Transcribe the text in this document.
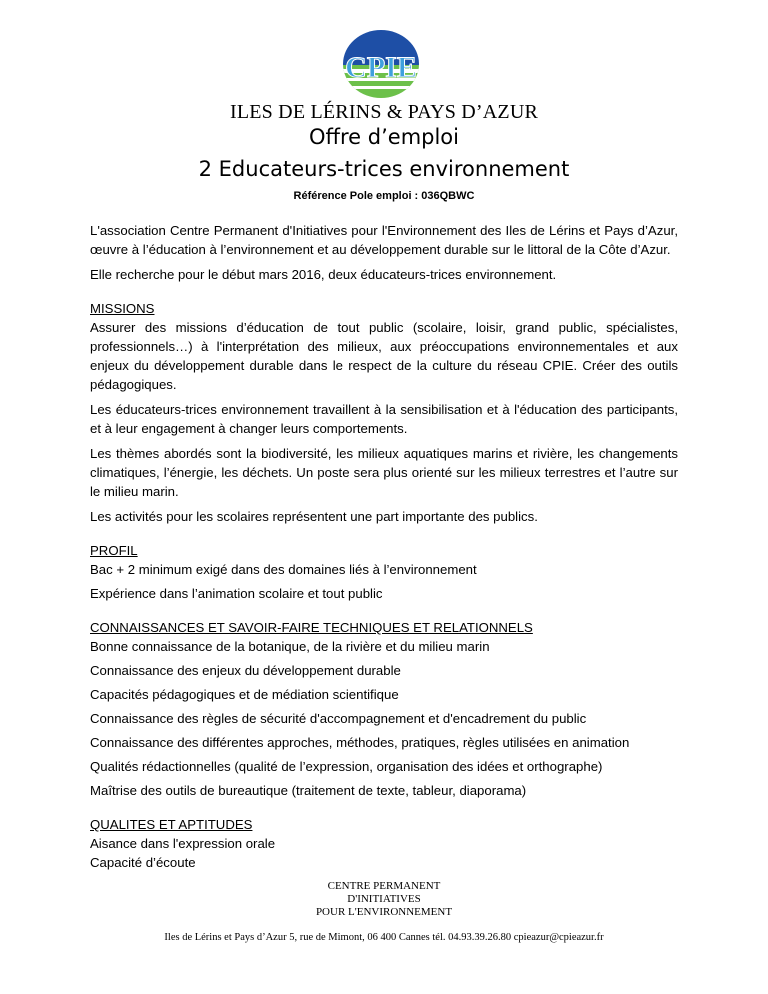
CPIE
ILES DE LÉRINS & PAYS D’AZUR
Offre d’emploi
2 Educateurs-trices environnement
Référence Pole emploi : 036QBWC

L'association Centre Permanent d'Initiatives pour l'Environnement des Iles de Lérins et Pays d’Azur, œuvre à l’éducation à l’environnement et au développement durable sur le littoral de la Côte d’Azur.

Elle recherche pour le début mars 2016, deux éducateurs-trices environnement.

MISSIONS

Assurer des missions d’éducation de tout public (scolaire, loisir, grand public, spécialistes, professionnels…) à l'interprétation des milieux, aux préoccupations environnementales et aux enjeux du développement durable dans le respect de la culture du réseau CPIE. Créer des outils pédagogiques.

Les éducateurs-trices environnement travaillent à la sensibilisation et à l'éducation des participants, et à leur engagement à changer leurs comportements.

Les thèmes abordés sont la biodiversité, les milieux aquatiques marins et rivière, les changements climatiques, l’énergie, les déchets. Un poste sera plus orienté sur les milieux terrestres et l’autre sur le milieu marin.

Les activités pour les scolaires représentent une part importante des publics.

PROFIL
Bac + 2 minimum exigé dans des domaines liés à l’environnement
Expérience dans l’animation scolaire et tout public
CONNAISSANCES ET SAVOIR-FAIRE TECHNIQUES ET RELATIONNELS
Bonne connaissance de la botanique, de la rivière et du milieu marin
Connaissance des enjeux du développement durable
Capacités pédagogiques et de médiation scientifique
Connaissance des règles de sécurité d'accompagnement et d'encadrement du public
Connaissance des différentes approches, méthodes, pratiques, règles utilisées en animation
Qualités rédactionnelles (qualité de l’expression, organisation des idées et orthographe)
Maîtrise des outils de bureautique (traitement de texte, tableur, diaporama)
QUALITES ET APTITUDES
Aisance dans l'expression orale
Capacité d’écoute
CENTRE PERMANENT
D'INITIATIVES
POUR L'ENVIRONNEMENT
Iles de Lérins et Pays d’Azur 5, rue de Mimont, 06 400 Cannes tél. 04.93.39.26.80 cpieazur@cpieazur.fr
